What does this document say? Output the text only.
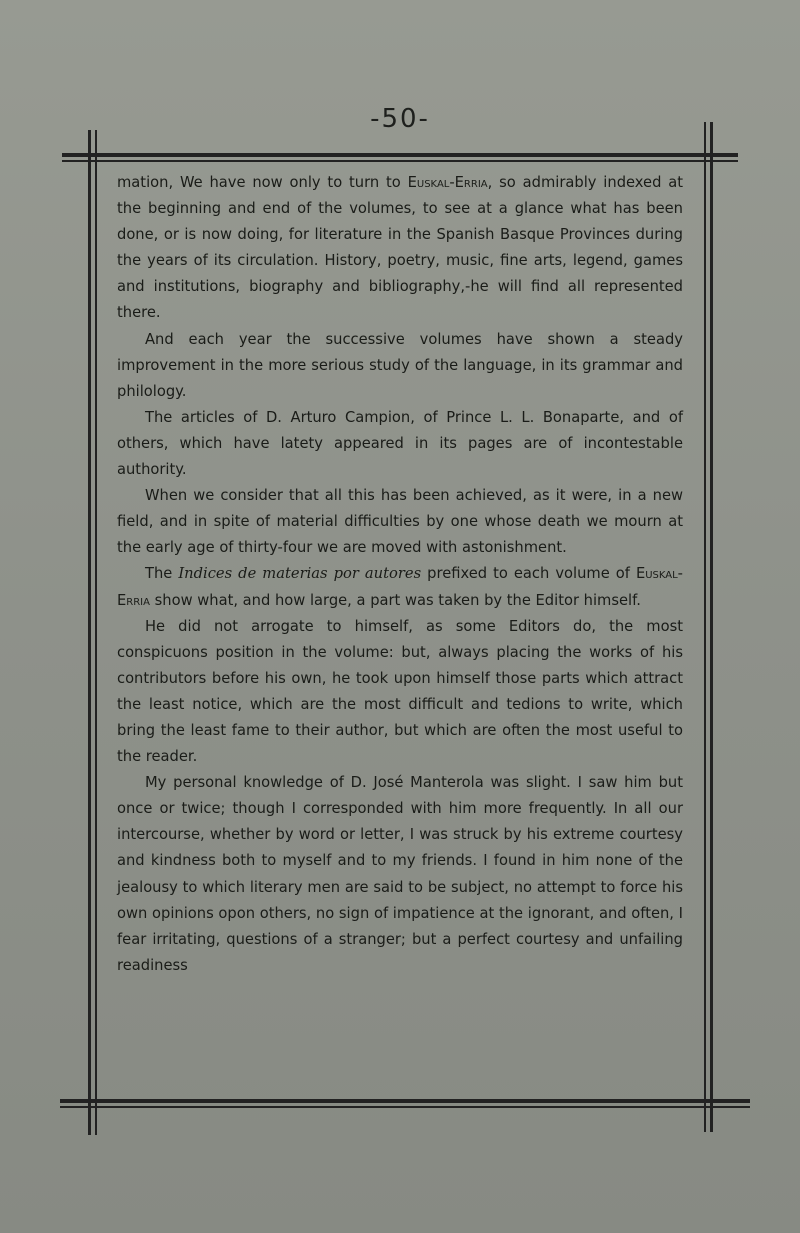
-50-

mation, We have now only to turn to Euskal-Erria, so admirably indexed at the beginning and end of the volumes, to see at a glance what has been done, or is now doing, for literature in the Spanish Basque Provinces during the years of its circulation. History, poetry, music, fine arts, legend, games and institutions, biography and bibliography,-he will find all represented there.

And each year the successive volumes have shown a steady improvement in the more serious study of the language, in its grammar and philology.

The articles of D. Arturo Campion, of Prince L. L. Bonaparte, and of others, which have latety appeared in its pages are of incontestable authority.

When we consider that all this has been achieved, as it were, in a new field, and in spite of material difficulties by one whose death we mourn at the early age of thirty-four we are moved with astonishment.

The Indices de materias por autores prefixed to each volume of Euskal-Erria show what, and how large, a part was taken by the Editor himself.

He did not arrogate to himself, as some Editors do, the most conspicuons position in the volume: but, always placing the works of his contributors before his own, he took upon himself those parts which attract the least notice, which are the most difficult and tedions to write, which bring the least fame to their author, but which are often the most useful to the reader.

My personal knowledge of D. José Manterola was slight. I saw him but once or twice; though I corresponded with him more frequently. In all our intercourse, whether by word or letter, I was struck by his extreme courtesy and kindness both to myself and to my friends. I found in him none of the jealousy to which literary men are said to be subject, no attempt to force his own opinions opon others, no sign of impatience at the ignorant, and often, I fear irritating, questions of a stranger; but a perfect courtesy and unfailing readiness
